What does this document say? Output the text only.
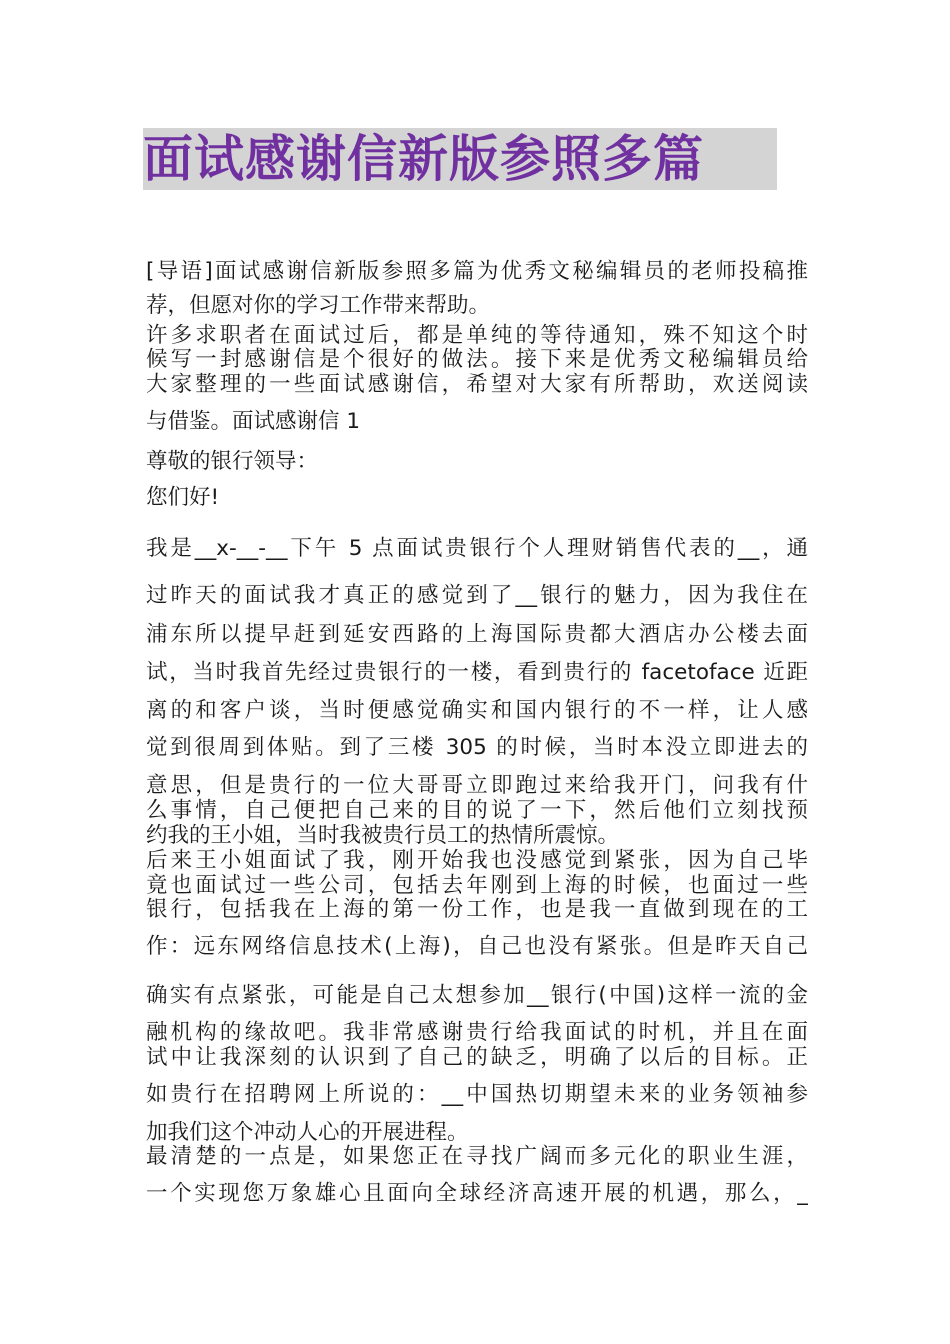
面试感谢信新版参照多篇
[导语]面试感谢信新版参照多篇为优秀文秘编辑员的老师投稿推
荐，但愿对你的学习工作带来帮助。
许多求职者在面试过后，都是单纯的等待通知，殊不知这个时
候写一封感谢信是个很好的做法。接下来是优秀文秘编辑员给
大家整理的一些面试感谢信，希望对大家有所帮助，欢送阅读
与借鉴。面试感谢信 1
尊敬的银行领导：
您们好!
我是__x-__-__下午 5 点面试贵银行个人理财销售代表的__，通
过昨天的面试我才真正的感觉到了__银行的魅力，因为我住在
浦东所以提早赶到延安西路的上海国际贵都大酒店办公楼去面
试，当时我首先经过贵银行的一楼，看到贵行的 facetoface 近距
离的和客户谈，当时便感觉确实和国内银行的不一样，让人感
觉到很周到体贴。到了三楼 305 的时候，当时本没立即进去的
意思，但是贵行的一位大哥哥立即跑过来给我开门，问我有什
么事情，自己便把自己来的目的说了一下，然后他们立刻找预
约我的王小姐，当时我被贵行员工的热情所震惊。
后来王小姐面试了我，刚开始我也没感觉到紧张，因为自己毕
竟也面试过一些公司，包括去年刚到上海的时候，也面过一些
银行，包括我在上海的第一份工作，也是我一直做到现在的工
作：远东网络信息技术(上海)，自己也没有紧张。但是昨天自己
确实有点紧张，可能是自己太想参加__银行(中国)这样一流的金
融机构的缘故吧。我非常感谢贵行给我面试的时机，并且在面
试中让我深刻的认识到了自己的缺乏，明确了以后的目标。正
如贵行在招聘网上所说的：__中国热切期望未来的业务领袖参
加我们这个冲动人心的开展进程。
最清楚的一点是，如果您正在寻找广阔而多元化的职业生涯，
一个实现您万象雄心且面向全球经济高速开展的机遇，那么，_
